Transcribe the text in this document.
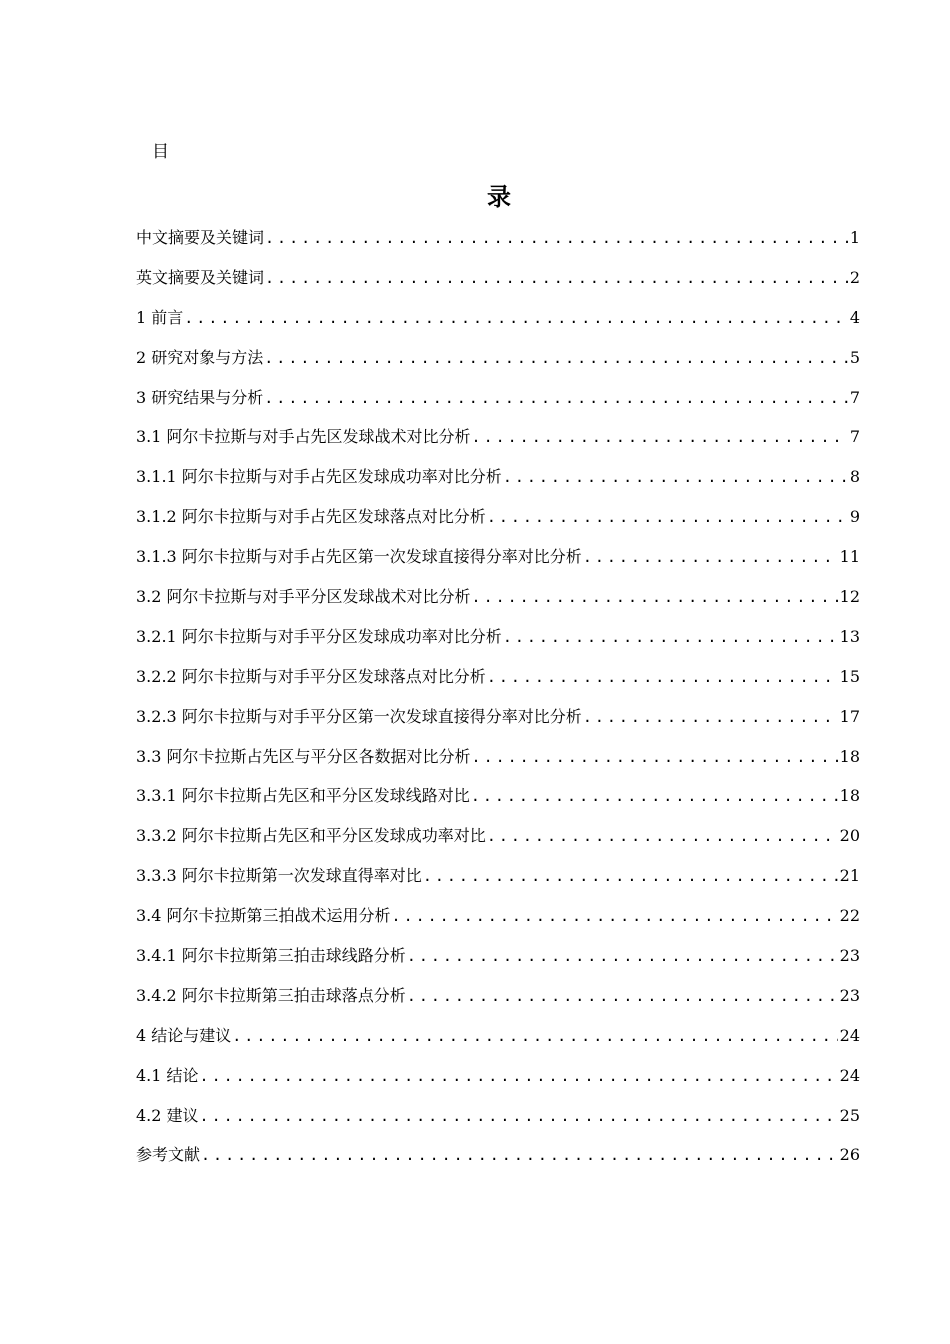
目
录
中文摘要及关键词 .....	1
英文摘要及关键词 .....	2
1 前言 .....	4
2 研究对象与方法 .....	5
3 研究结果与分析 .....	7
3.1 阿尔卡拉斯与对手占先区发球战术对比分析 .....	7
3.1.1 阿尔卡拉斯与对手占先区发球成功率对比分析 .....	8
3.1.2 阿尔卡拉斯与对手占先区发球落点对比分析 .....	9
3.1.3 阿尔卡拉斯与对手占先区第一次发球直接得分率对比分析 .....	11
3.2 阿尔卡拉斯与对手平分区发球战术对比分析 .....	12
3.2.1 阿尔卡拉斯与对手平分区发球成功率对比分析 .....	13
3.2.2 阿尔卡拉斯与对手平分区发球落点对比分析 .....	15
3.2.3 阿尔卡拉斯与对手平分区第一次发球直接得分率对比分析 .....	17
3.3 阿尔卡拉斯占先区与平分区各数据对比分析 .....	18
3.3.1 阿尔卡拉斯占先区和平分区发球线路对比 .....	18
3.3.2 阿尔卡拉斯占先区和平分区发球成功率对比 .....	20
3.3.3 阿尔卡拉斯第一次发球直得率对比 .....	21
3.4 阿尔卡拉斯第三拍战术运用分析 .....	22
3.4.1 阿尔卡拉斯第三拍击球线路分析 .....	23
3.4.2 阿尔卡拉斯第三拍击球落点分析 .....	23
4 结论与建议 .....	24
4.1 结论 .....	24
4.2 建议 .....	25
参考文献 .....	26
